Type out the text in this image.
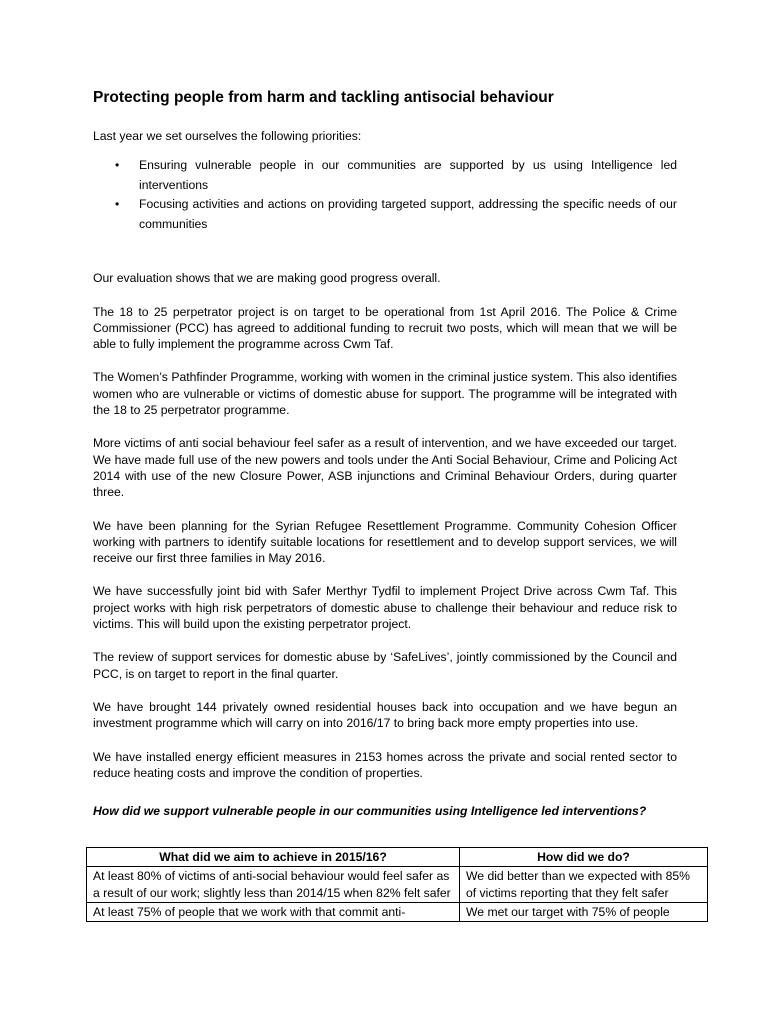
Protecting people from harm and tackling antisocial behaviour

Last year we set ourselves the following priorities:

• Ensuring vulnerable people in our communities are supported by us using Intelligence led interventions
• Focusing activities and actions on providing targeted support, addressing the specific needs of our communities

Our evaluation shows that we are making good progress overall.

The 18 to 25 perpetrator project is on target to be operational from 1st April 2016. The Police & Crime Commissioner (PCC) has agreed to additional funding to recruit two posts, which will mean that we will be able to fully implement the programme across Cwm Taf.

The Women’s Pathfinder Programme, working with women in the criminal justice system. This also identifies women who are vulnerable or victims of domestic abuse for support. The programme will be integrated with the 18 to 25 perpetrator programme.

More victims of anti social behaviour feel safer as a result of intervention, and we have exceeded our target. We have made full use of the new powers and tools under the Anti Social Behaviour, Crime and Policing Act 2014 with use of the new Closure Power, ASB injunctions and Criminal Behaviour Orders, during quarter three.

We have been planning for the Syrian Refugee Resettlement Programme. Community Cohesion Officer working with partners to identify suitable locations for resettlement and to develop support services, we will receive our first three families in May 2016.

We have successfully joint bid with Safer Merthyr Tydfil to implement Project Drive across Cwm Taf. This project works with high risk perpetrators of domestic abuse to challenge their behaviour and reduce risk to victims. This will build upon the existing perpetrator project.

The review of support services for domestic abuse by ‘SafeLives’, jointly commissioned by the Council and PCC, is on target to report in the final quarter.

We have brought 144 privately owned residential houses back into occupation and we have begun an investment programme which will carry on into 2016/17 to bring back more empty properties into use.

We have installed energy efficient measures in 2153 homes across the private and social rented sector to reduce heating costs and improve the condition of properties.

How did we support vulnerable people in our communities using Intelligence led interventions?
What did we aim to achieve in 2015/16?	How did we do?
At least 80% of victims of anti-social behaviour would feel safer as a result of our work; slightly less than 2014/15 when 82% felt safer	We did better than we expected with 85% of victims reporting that they felt safer
At least 75% of people that we work with that commit anti-	We met our target with 75% of people
